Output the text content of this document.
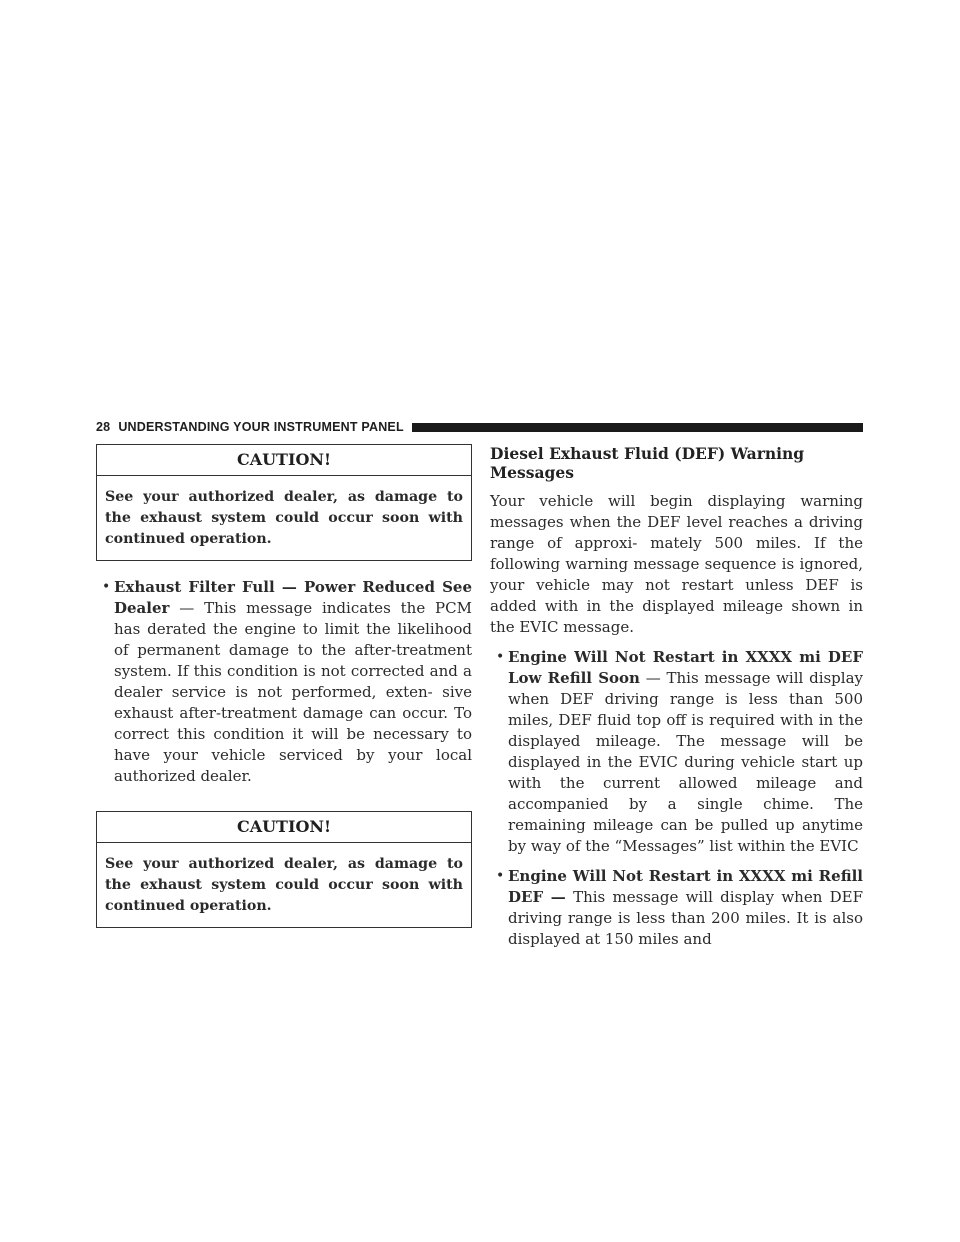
28 UNDERSTANDING YOUR INSTRUMENT PANEL
CAUTION!
See your authorized dealer, as damage to the exhaust system could occur soon with continued operation.
• Exhaust Filter Full — Power Reduced See Dealer — This message indicates the PCM has derated the engine to limit the likelihood of permanent damage to the after-treatment system. If this condition is not corrected and a dealer service is not performed, exten- sive exhaust after-treatment damage can occur. To correct this condition it will be necessary to have your vehicle serviced by your local authorized dealer.
CAUTION!
See your authorized dealer, as damage to the exhaust system could occur soon with continued operation.
Diesel Exhaust Fluid (DEF) Warning Messages
Your vehicle will begin displaying warning messages when the DEF level reaches a driving range of approxi- mately 500 miles. If the following warning message sequence is ignored, your vehicle may not restart unless DEF is added with in the displayed mileage shown in the EVIC message.
• Engine Will Not Restart in XXXX mi DEF Low Refill Soon — This message will display when DEF driving range is less than 500 miles, DEF fluid top off is required with in the displayed mileage. The message will be displayed in the EVIC during vehicle start up with the current allowed mileage and accompanied by a single chime. The remaining mileage can be pulled up anytime by way of the “Messages” list within the EVIC
• Engine Will Not Restart in XXXX mi Refill DEF — This message will display when DEF driving range is less than 200 miles. It is also displayed at 150 miles and
